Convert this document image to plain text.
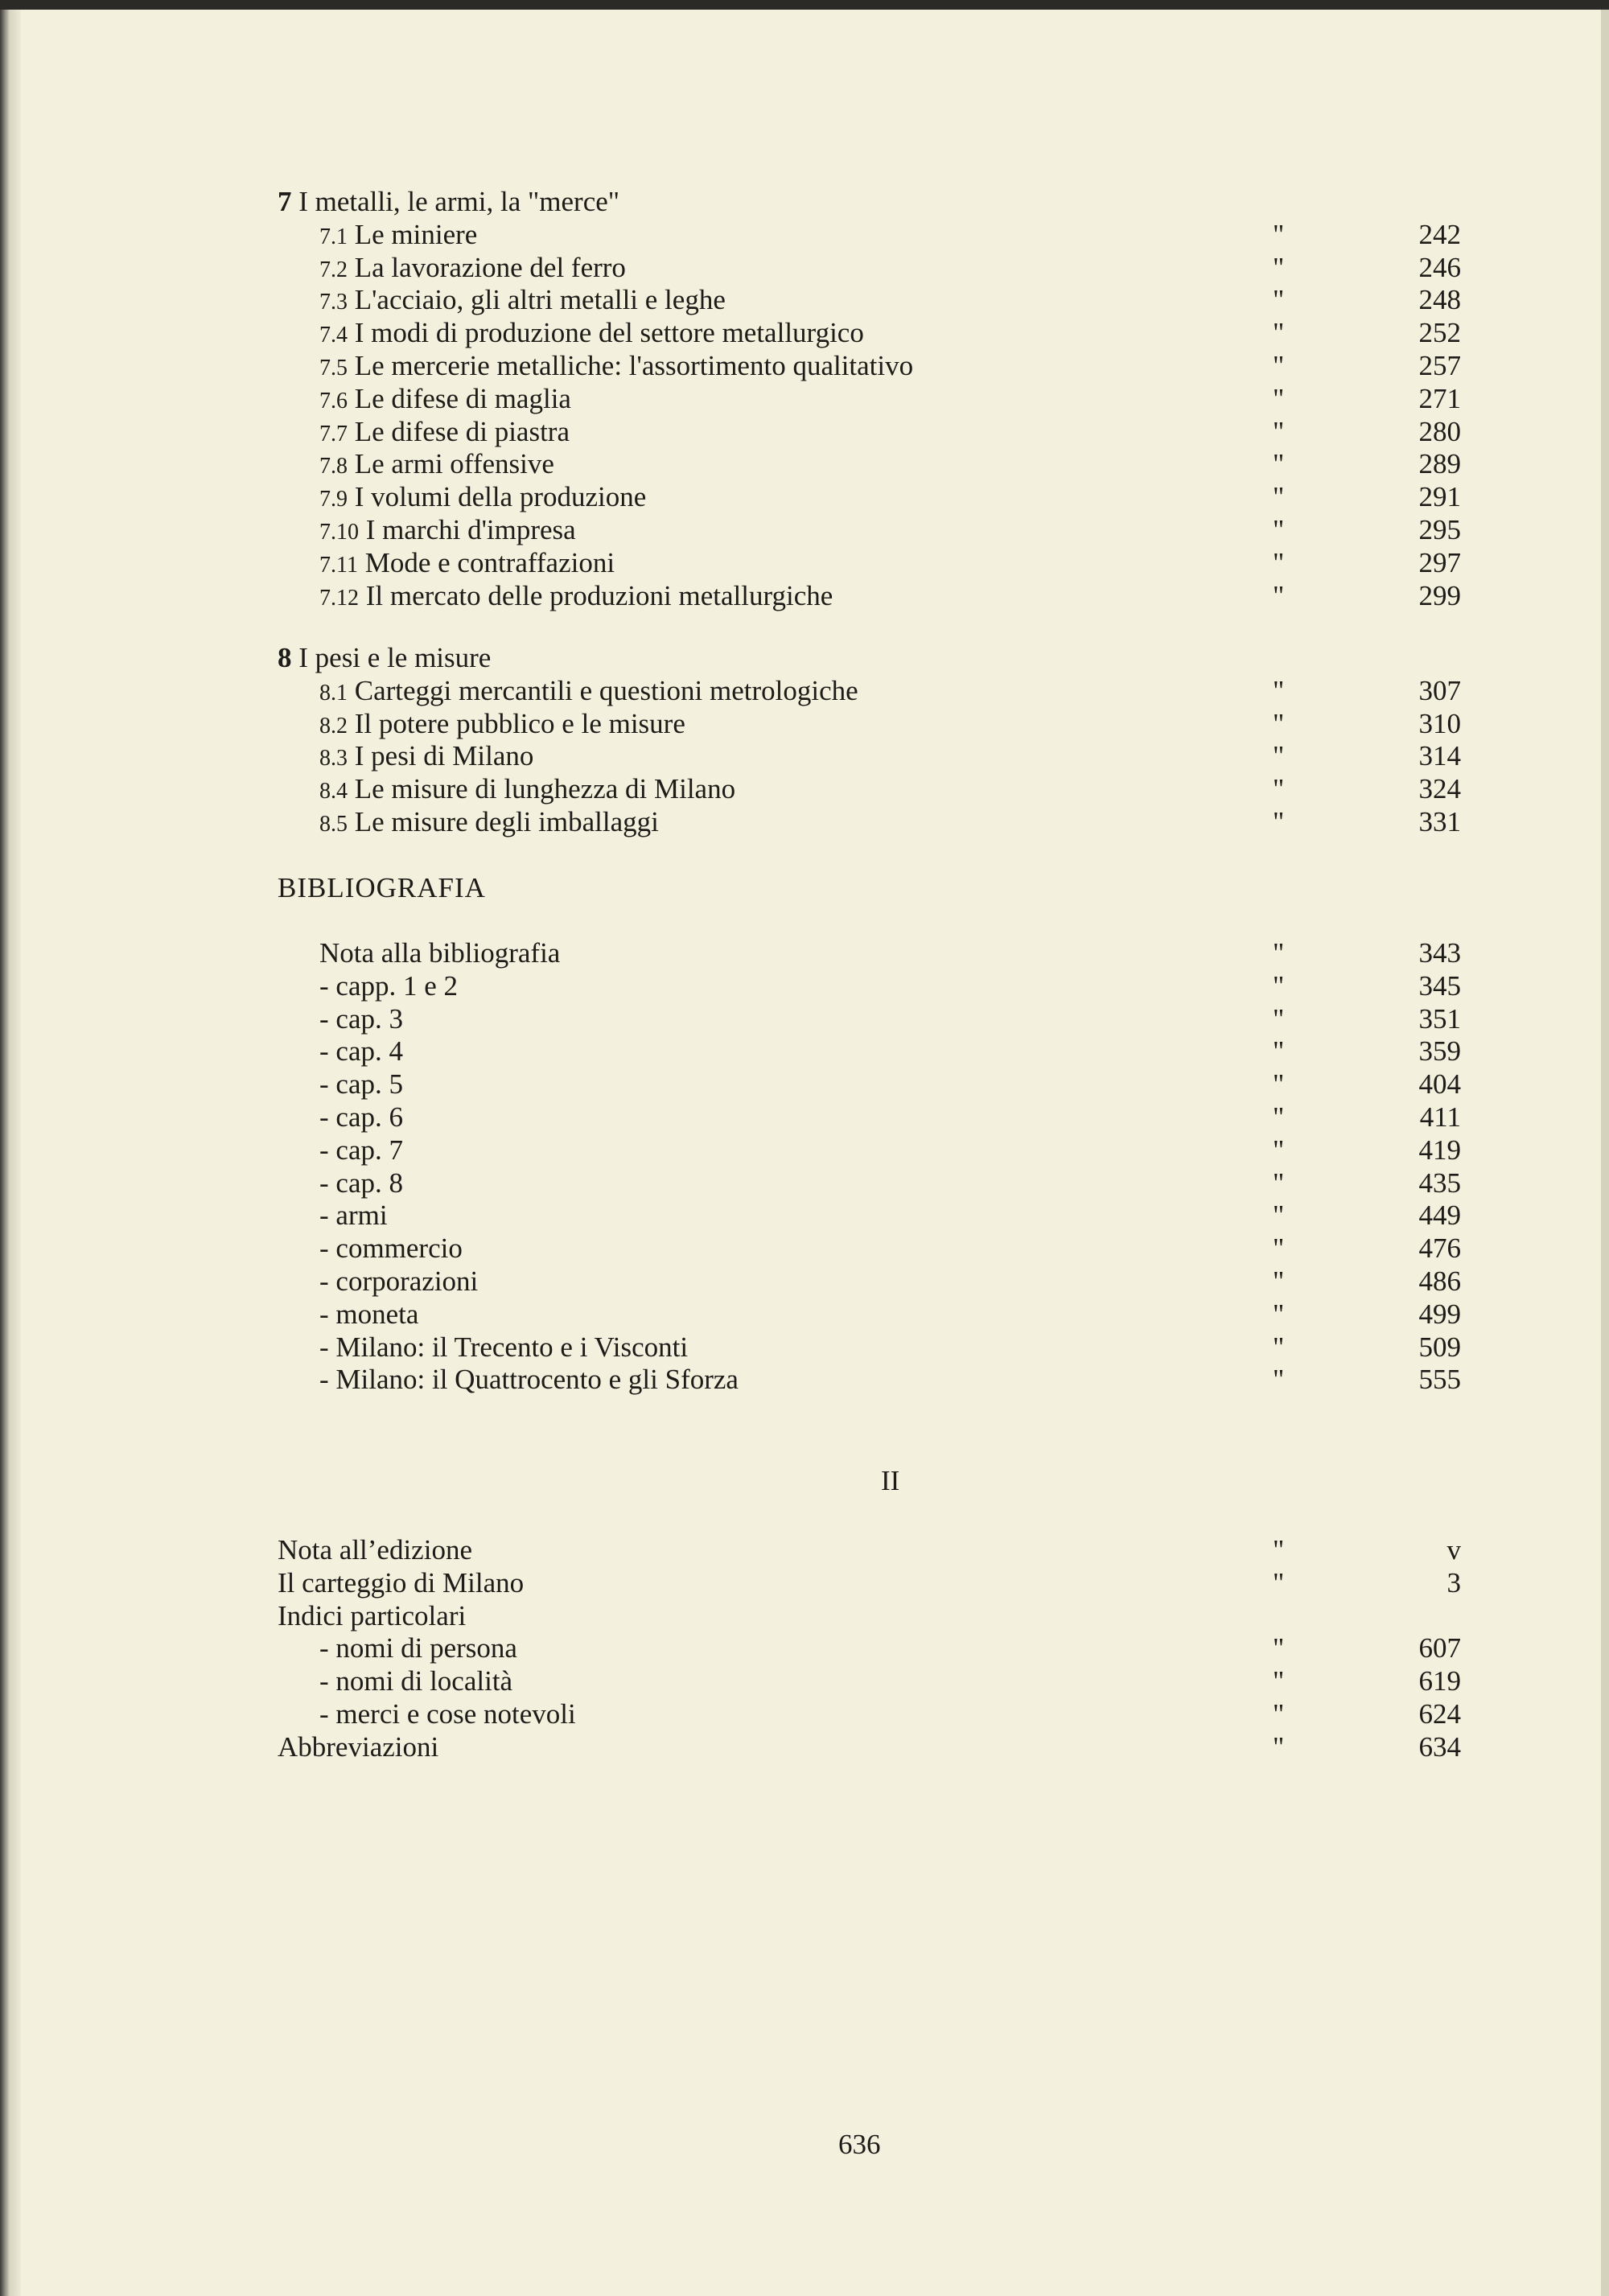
7 I metalli, le armi, la "merce"
7.1 Le miniere	"	242
7.2 La lavorazione del ferro	"	246
7.3 L'acciaio, gli altri metalli e leghe	"	248
7.4 I modi di produzione del settore metallurgico	"	252
7.5 Le mercerie metalliche: l'assortimento qualitativo	"	257
7.6 Le difese di maglia	"	271
7.7 Le difese di piastra	"	280
7.8 Le armi offensive	"	289
7.9 I volumi della produzione	"	291
7.10 I marchi d'impresa	"	295
7.11 Mode e contraffazioni	"	297
7.12 Il mercato delle produzioni metallurgiche	"	299
8 I pesi e le misure
8.1 Carteggi mercantili e questioni metrologiche	"	307
8.2 Il potere pubblico e le misure	"	310
8.3 I pesi di Milano	"	314
8.4 Le misure di lunghezza di Milano	"	324
8.5 Le misure degli imballaggi	"	331
Nota alla bibliografia	"	343
- capp. 1 e 2	"	345
- cap. 3	"	351
- cap. 4	"	359
- cap. 5	"	404
- cap. 6	"	411
- cap. 7	"	419
- cap. 8	"	435
- armi	"	449
- commercio	"	476
- corporazioni	"	486
- moneta	"	499
- Milano: il Trecento e i Visconti	"	509
- Milano: il Quattrocento e gli Sforza	"	555
Nota all’edizione	"	v
Il carteggio di Milano	"	3
Indici particolari
- nomi di persona	"	607
- nomi di località	"	619
- merci e cose notevoli	"	624
Abbreviazioni	"	634
BIBLIOGRAFIA
II
636
